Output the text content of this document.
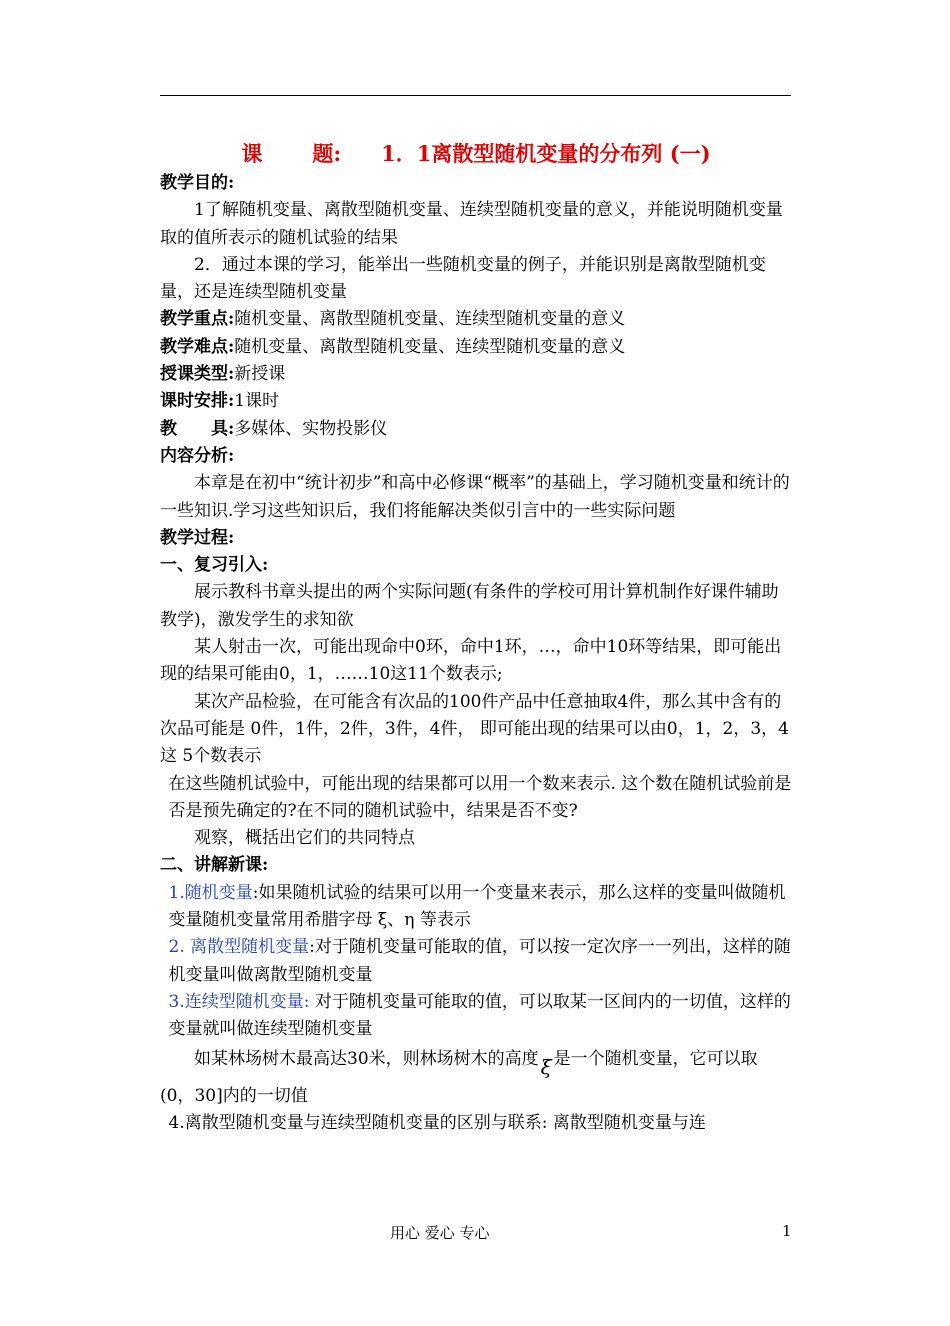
课 题: 1．1离散型随机变量的分布列 (一)

教学目的:

1了解随机变量、离散型随机变量、连续型随机变量的意义，并能说明随机变量取的值所表示的随机试验的结果

2．通过本课的学习，能举出一些随机变量的例子，并能识别是离散型随机变量，还是连续型随机变量

教学重点:随机变量、离散型随机变量、连续型随机变量的意义

教学难点:随机变量、离散型随机变量、连续型随机变量的意义

授课类型:新授课

课时安排:1课时

教 具:多媒体、实物投影仪

内容分析:

本章是在初中“统计初步”和高中必修课“概率”的基础上，学习随机变量和统计的一些知识.学习这些知识后，我们将能解决类似引言中的一些实际问题

教学过程:

一、复习引入:

展示教科书章头提出的两个实际问题(有条件的学校可用计算机制作好课件辅助教学)，激发学生的求知欲

某人射击一次，可能出现命中0环，命中1环，…，命中10环等结果，即可能出现的结果可能由0，1，……10这11个数表示;

某次产品检验，在可能含有次品的100件产品中任意抽取4件，那么其中含有的次品可能是 0件，1件，2件，3件，4件， 即可能出现的结果可以由0，1，2，3，4这 5个数表示

在这些随机试验中，可能出现的结果都可以用一个数来表示. 这个数在随机试验前是否是预先确定的?在不同的随机试验中，结果是否不变?

观察，概括出它们的共同特点

二、讲解新课:

1.随机变量:如果随机试验的结果可以用一个变量来表示，那么这样的变量叫做随机变量随机变量常用希腊字母 ξ、η 等表示

2. 离散型随机变量:对于随机变量可能取的值，可以按一定次序一一列出，这样的随机变量叫做离散型随机变量

3.连续型随机变量: 对于随机变量可能取的值，可以取某一区间内的一切值，这样的变量就叫做连续型随机变量

如某林场树木最高达30米，则林场树木的高度 ξ 是一个随机变量，它可以取

(0，30]内的一切值

4.离散型随机变量与连续型随机变量的区别与联系: 离散型随机变量与连

用心 爱心 专心	1
